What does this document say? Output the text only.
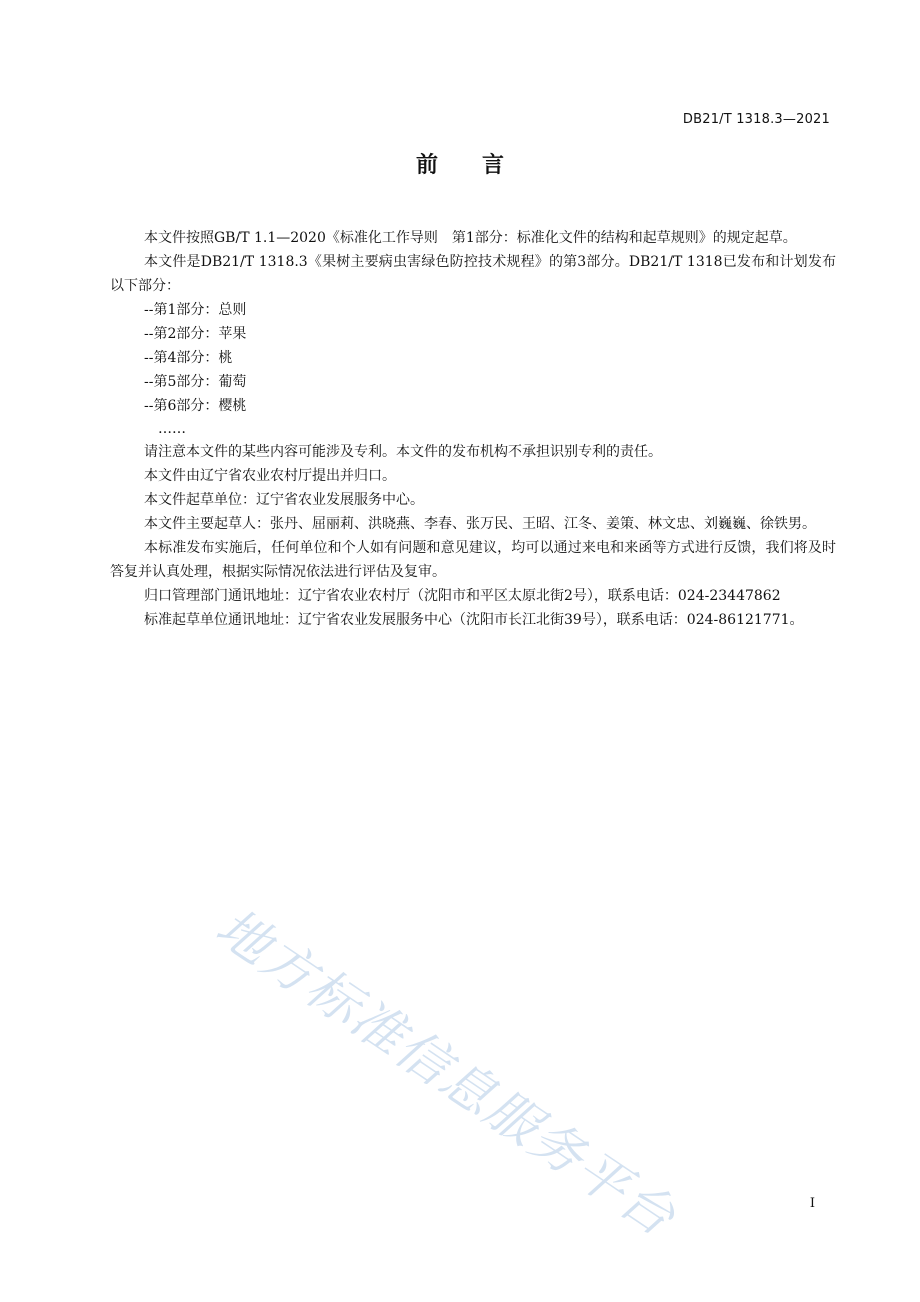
DB21/T 1318.3—2021
前言

本文件按照GB/T 1.1—2020《标准化工作导则　第1部分：标准化文件的结构和起草规则》的规定起草。

本文件是DB21/T 1318.3《果树主要病虫害绿色防控技术规程》的第3部分。DB21/T 1318已发布和计划发布以下部分：

--第1部分：总则

--第2部分：苹果

--第4部分：桃

--第5部分：葡萄

--第6部分：樱桃

……

请注意本文件的某些内容可能涉及专利。本文件的发布机构不承担识别专利的责任。

本文件由辽宁省农业农村厅提出并归口。

本文件起草单位：辽宁省农业发展服务中心。

本文件主要起草人：张丹、屈丽莉、洪晓燕、李春、张万民、王昭、江冬、姜策、林文忠、刘巍巍、徐铁男。

本标准发布实施后，任何单位和个人如有问题和意见建议，均可以通过来电和来函等方式进行反馈，我们将及时答复并认真处理，根据实际情况依法进行评估及复审。

归口管理部门通讯地址：辽宁省农业农村厅（沈阳市和平区太原北街2号），联系电话：024-23447862

标准起草单位通讯地址：辽宁省农业发展服务中心（沈阳市长江北街39号），联系电话：024-86121771。

地方标准信息服务平台	I
